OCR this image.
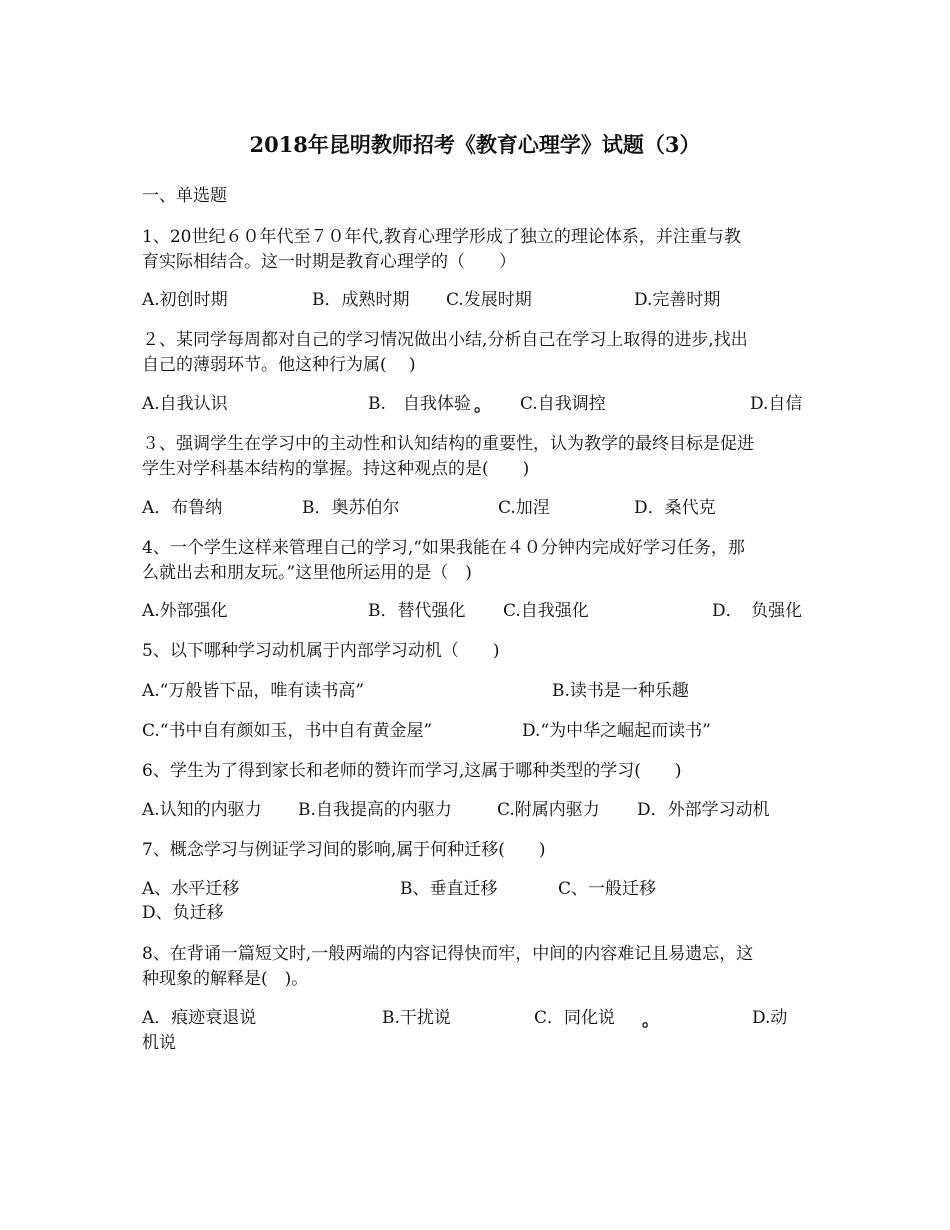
2018年昆明教师招考《教育心理学》试题（3）
一、单选题
1、20世纪６０年代至７０年代,教育心理学形成了独立的理论体系，并注重与教
育实际相结合。这一时期是教育心理学的（　　）
A.初创时期	B．成熟时期 C.发展时期	D.完善时期
２、某同学每周都对自己的学习情况做出小结,分析自己在学习上取得的进步,找出
自己的薄弱环节。他这种行为属(　 )
A.自我认识	B.　自我体验 。 C.自我调控	D.自信
３、强调学生在学习中的主动性和认知结构的重要性，认为教学的最终目标是促进
学生对学科基本结构的掌握。持这种观点的是(　　)
A．布鲁纳	B．奥苏伯尔	C.加涅	D．桑代克
4、一个学生这样来管理自己的学习,“如果我能在４０分钟内完成好学习任务，那
么就出去和朋友玩。”这里他所运用的是（　)
A.外部强化	B．替代强化 C.自我强化	D．　负强化
5、以下哪种学习动机属于内部学习动机（　　)
A.“万般皆下品，唯有读书高”	B.读书是一种乐趣
C.“书中自有颜如玉，书中自有黄金屋”	D.“为中华之崛起而读书”
6、学生为了得到家长和老师的赞许而学习,这属于哪种类型的学习(　　)
A.认知的内驱力 B.自我提高的内驱力	C.附属内驱力 D．外部学习动机
7、概念学习与例证学习间的影响,属于何种迁移(　　)
A、水平迁移	B、垂直迁移	C、一般迁移
D、负迁移
8、在背诵一篇短文时,一般两端的内容记得快而牢，中间的内容难记且易遗忘，这
种现象的解释是(　)。
A．痕迹衰退说	B.干扰说	C．同化说 。	D.动
机说
